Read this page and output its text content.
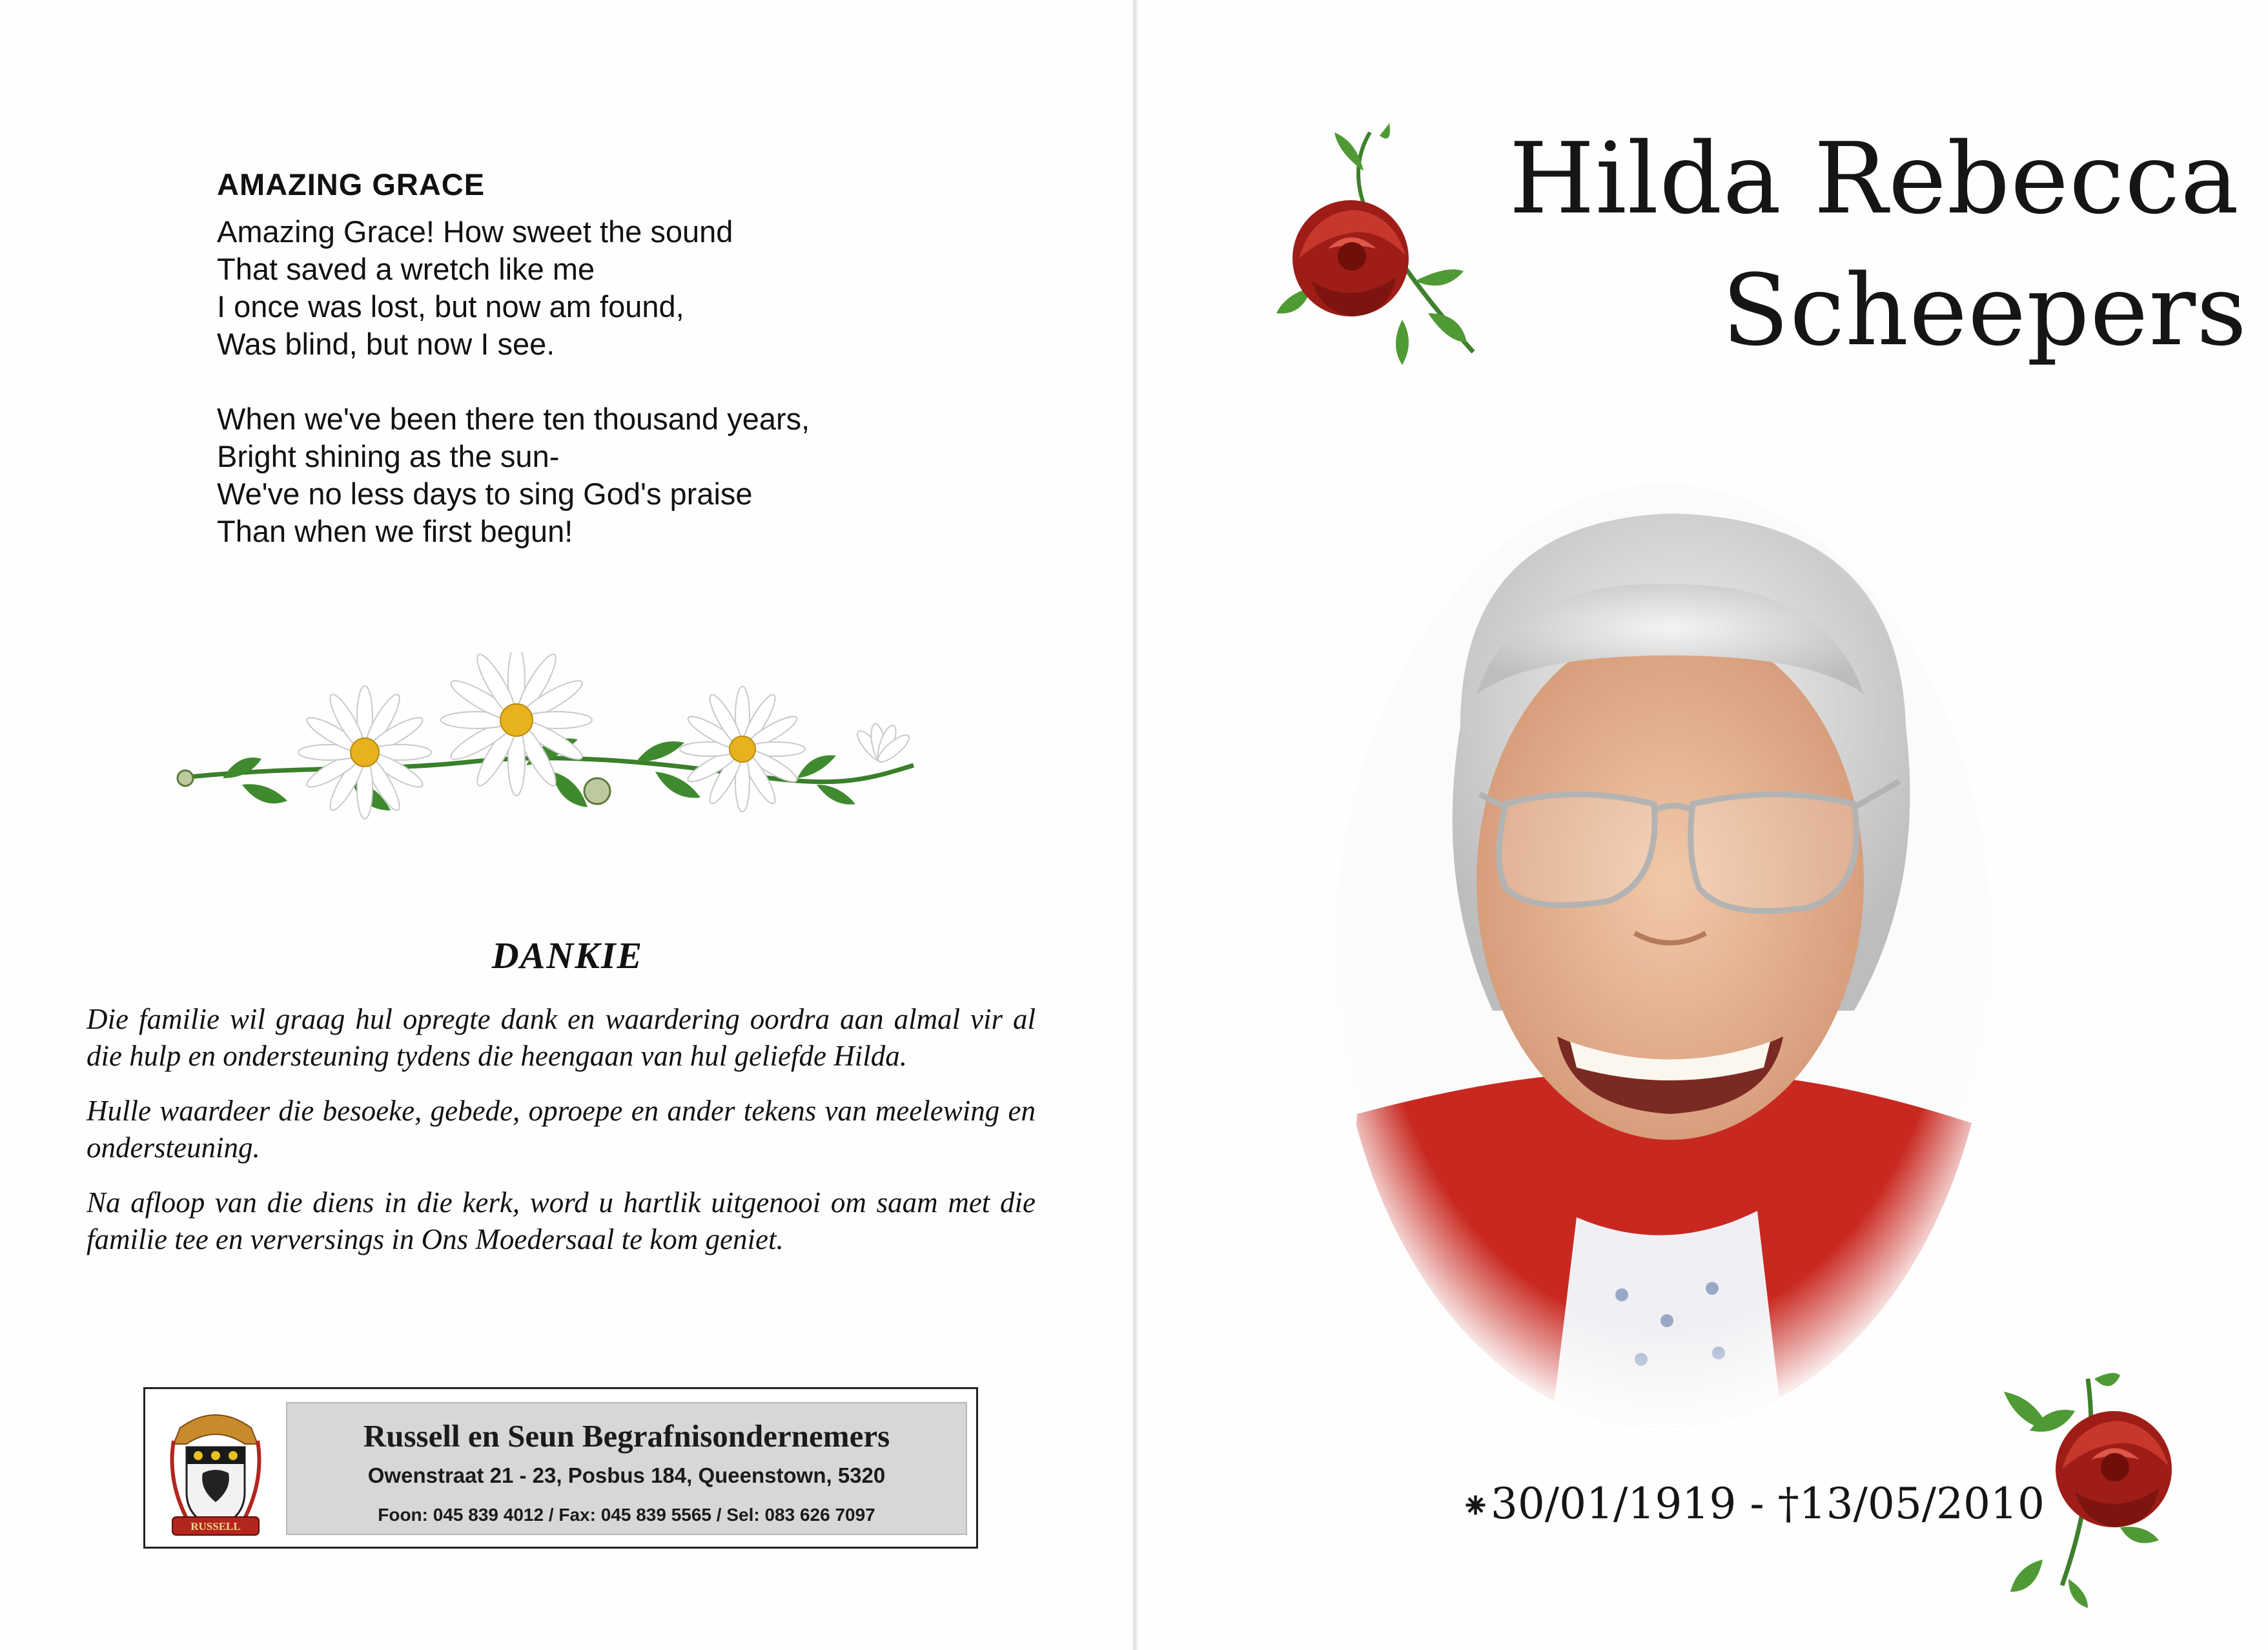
AMAZING GRACE
Amazing Grace! How sweet the sound
That saved a wretch like me
I once was lost, but now am found,
Was blind, but now I see.
When we've been there ten thousand years,
Bright shining as the sun-
We've no less days to sing God's praise
Than when we first begun!
DANKIE

Die familie wil graag hul opregte dank en waardering oordra aan almal vir al die hulp en ondersteuning tydens die heengaan van hul geliefde Hilda.

Hulle waardeer die besoeke, gebede, oproepe en ander tekens van meelewing en ondersteuning.

Na afloop van die diens in die kerk, word u hartlik uitgenooi om saam met die familie tee en verversings in Ons Moedersaal te kom geniet.

RUSSELL

Russell en Seun Begrafnisondernemers

Owenstraat 21 - 23, Posbus 184, Queenstown, 5320

Foon: 045 839 4012 / Fax: 045 839 5565 / Sel: 083 626 7097

Hilda Rebecca
Scheepers
⁕30/01/1919 - †13/05/2010
